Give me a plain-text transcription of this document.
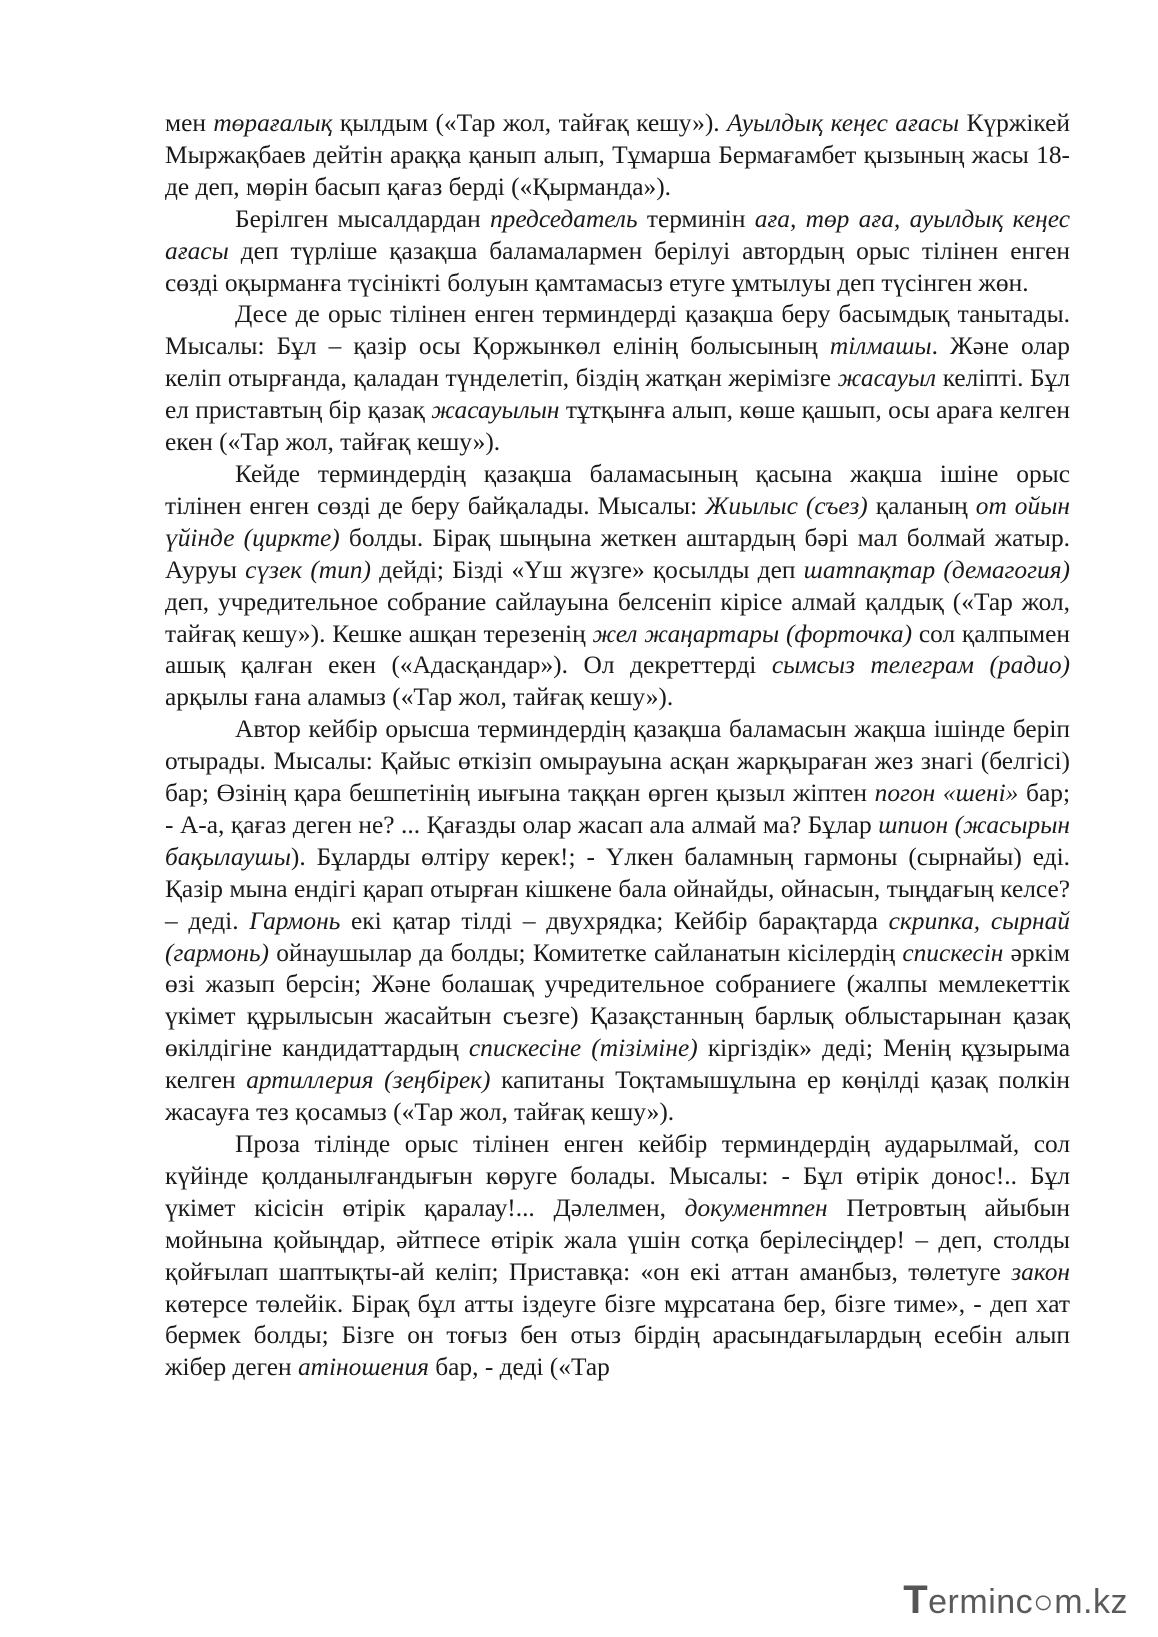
мен төрағалық қылдым («Тар жол, тайғақ кешу»). Ауылдық кеңес ағасы Күржікей Мыржақбаев дейтін араққа қанып алып, Тұмарша Бермағамбет қызының жасы 18-де деп, мөрін басып қағаз берді («Қырманда»).

Берілген мысалдардан председатель терминін аға, төр аға, ауылдық кеңес ағасы деп түрліше қазақша баламалармен берілуі автордың орыс тілінен енген сөзді оқырманға түсінікті болуын қамтамасыз етуге ұмтылуы деп түсінген жөн.

Десе де орыс тілінен енген терминдерді қазақша беру басымдық танытады. Мысалы: Бұл – қазір осы Қоржынкөл елінің болысының тілмашы. Және олар келіп отырғанда, қаладан түнделетіп, біздің жатқан жерімізге жасауыл келіпті. Бұл ел приставтың бір қазақ жасауылын тұтқынға алып, көше қашып, осы араға келген екен («Тар жол, тайғақ кешу»).

Кейде терминдердің қазақша баламасының қасына жақша ішіне орыс тілінен енген сөзді де беру байқалады. Мысалы: Жиылыс (съез) қаланың от ойын үйінде (циркте) болды. Бірақ шыңына жеткен аштардың бәрі мал болмай жатыр. Ауруы сүзек (тип) дейді; Біздi «Үш жүзге» қосылды деп шатпақтар (демагогия) деп, учредительное собрание сайлауына белсеніп кірісе алмай қалдық («Тар жол, тайғақ кешу»). Кешке ашқан терезенің жел жаңартары (форточка) сол қалпымен ашық қалған екен («Адасқандар»). Ол декреттерді сымсыз телеграм (радио) арқылы ғана аламыз («Тар жол, тайғақ кешу»).

Автор кейбір орысша терминдердің қазақша баламасын жақша ішінде беріп отырады. Мысалы: Қайыс өткізіп омырауына асқан жарқыраған жез знагі (белгісі) бар; Өзінің қара бешпетінің иығына таққан өрген қызыл жіптен погон «шені» бар; - А-а, қағаз деген не? ... Қағазды олар жасап ала алмай ма? Бұлар шпион (жасырын бақылаушы). Бұларды өлтіру керек!; - Үлкен баламның гармоны (сырнайы) еді. Қазір мына ендігі қарап отырған кішкене бала ойнайды, ойнасын, тыңдағың келсе? – деді. Гармонь екі қатар тілді – двухрядка; Кейбір барақтарда скрипка, сырнай (гармонь) ойнаушылар да болды; Комитетке сайланатын кісілердің спискесін әркім өзі жазып берсін; Және болашақ учредительное собраниеге (жалпы мемлекеттік үкімет құрылысын жасайтын съезге) Қазақстанның барлық облыстарынан қазақ өкілдігіне кандидаттардың спискесіне (тізіміне) кіргіздік» деді; Менің құзырыма келген артиллерия (зеңбірек) капитаны Тоқтамышұлына ер көңілді қазақ полкін жасауға тез қосамыз («Тар жол, тайғақ кешу»).

Проза тілінде орыс тілінен енген кейбір терминдердің аударылмай, сол күйінде қолданылғандығын көруге болады. Мысалы: - Бұл өтірік донос!.. Бұл үкімет кісісін өтірік қаралау!... Дәлелмен, документпен Петровтың айыбын мойнына қойыңдар, әйтпесе өтірік жала үшін сотқа берілесіңдер! – деп, столды қойғылап шаптықты-ай келіп; Приставқа: «он екі аттан аманбыз, төлетуге закон көтерсе төлейік. Бірақ бұл атты іздеуге бізге мұрсатана бер, бізге тиме», - деп хат бермек болды; Бізге он тоғыз бен отыз бірдің арасындағылардың есебін алып жібер деген атіношения бар, - деді («Тар

Terminc○m.kz
